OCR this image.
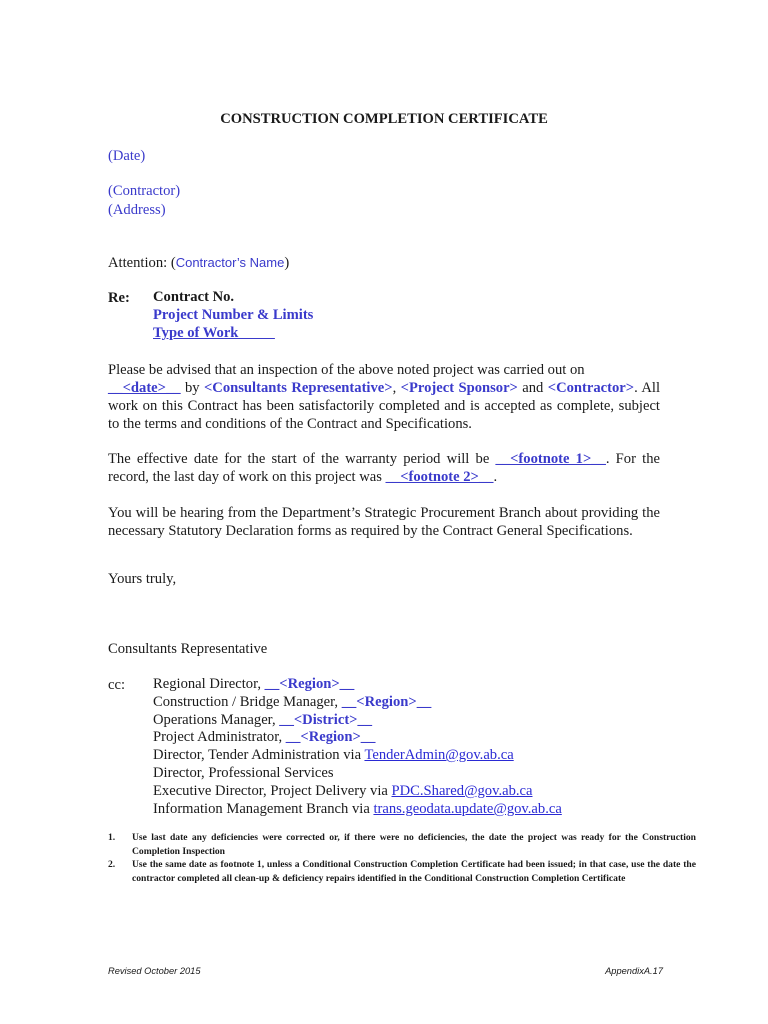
CONSTRUCTION COMPLETION CERTIFICATE
(Date)
(Contractor)
(Address)
Attention: (Contractor’s Name)
Re: Contract No.
Project Number & Limits
Type of Work
Please be advised that an inspection of the above noted project was carried out on
__<date>__ by <Consultants Representative>, <Project Sponsor> and <Contractor>. All work on this Contract has been satisfactorily completed and is accepted as complete, subject to the terms and conditions of the Contract and Specifications.
The effective date for the start of the warranty period will be __<footnote 1>__. For the record, the last day of work on this project was __<footnote 2>__.
You will be hearing from the Department’s Strategic Procurement Branch about providing the necessary Statutory Declaration forms as required by the Contract General Specifications.
Yours truly,
Consultants Representative
cc: Regional Director, __<Region>__
Construction / Bridge Manager, __<Region>__
Operations Manager, __<District>__
Project Administrator, __<Region>__
Director, Tender Administration via TenderAdmin@gov.ab.ca
Director, Professional Services
Executive Director, Project Delivery via PDC.Shared@gov.ab.ca
Information Management Branch via trans.geodata.update@gov.ab.ca
1. Use last date any deficiencies were corrected or, if there were no deficiencies, the date the project was ready for the Construction Completion Inspection
2. Use the same date as footnote 1, unless a Conditional Construction Completion Certificate had been issued; in that case, use the date the contractor completed all clean-up & deficiency repairs identified in the Conditional Construction Completion Certificate
Revised October 2015	AppendixA.17
